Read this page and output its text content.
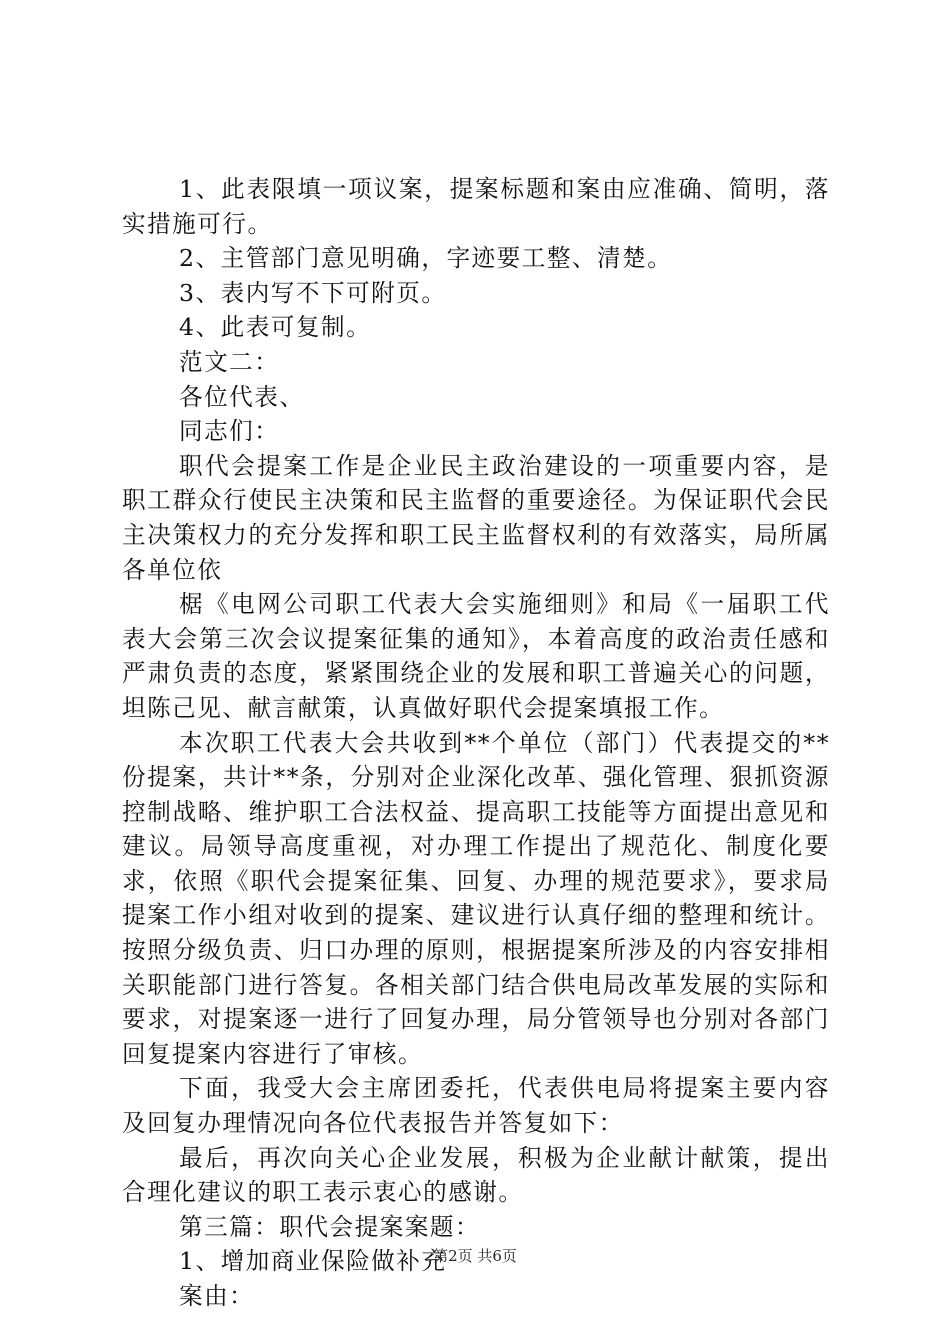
1、此表限填一项议案，提案标题和案由应准确、简明，落实措施可行。

2、主管部门意见明确，字迹要工整、清楚。

3、表内写不下可附页。

4、此表可复制。

范文二：

各位代表、

同志们：

职代会提案工作是企业民主政治建设的一项重要内容，是职工群众行使民主决策和民主监督的重要途径。为保证职代会民主决策权力的充分发挥和职工民主监督权利的有效落实，局所属各单位依

椐《电网公司职工代表大会实施细则》和局《一届职工代表大会第三次会议提案征集的通知》，本着高度的政治责任感和严肃负责的态度，紧紧围绕企业的发展和职工普遍关心的问题，坦陈己见、献言献策，认真做好职代会提案填报工作。

本次职工代表大会共收到**个单位（部门）代表提交的**份提案，共计**条，分别对企业深化改革、强化管理、狠抓资源控制战略、维护职工合法权益、提高职工技能等方面提出意见和建议。局领导高度重视，对办理工作提出了规范化、制度化要求，依照《职代会提案征集、回复、办理的规范要求》，要求局提案工作小组对收到的提案、建议进行认真仔细的整理和统计。按照分级负责、归口办理的原则，根据提案所涉及的内容安排相关职能部门进行答复。各相关部门结合供电局改革发展的实际和要求，对提案逐一进行了回复办理，局分管领导也分别对各部门回复提案内容进行了审核。

下面，我受大会主席团委托，代表供电局将提案主要内容及回复办理情况向各位代表报告并答复如下：

最后，再次向关心企业发展，积极为企业献计献策，提出合理化建议的职工表示衷心的感谢。

第三篇：职代会提案案题：

1、增加商业保险做补充

案由：

第2页 共6页
